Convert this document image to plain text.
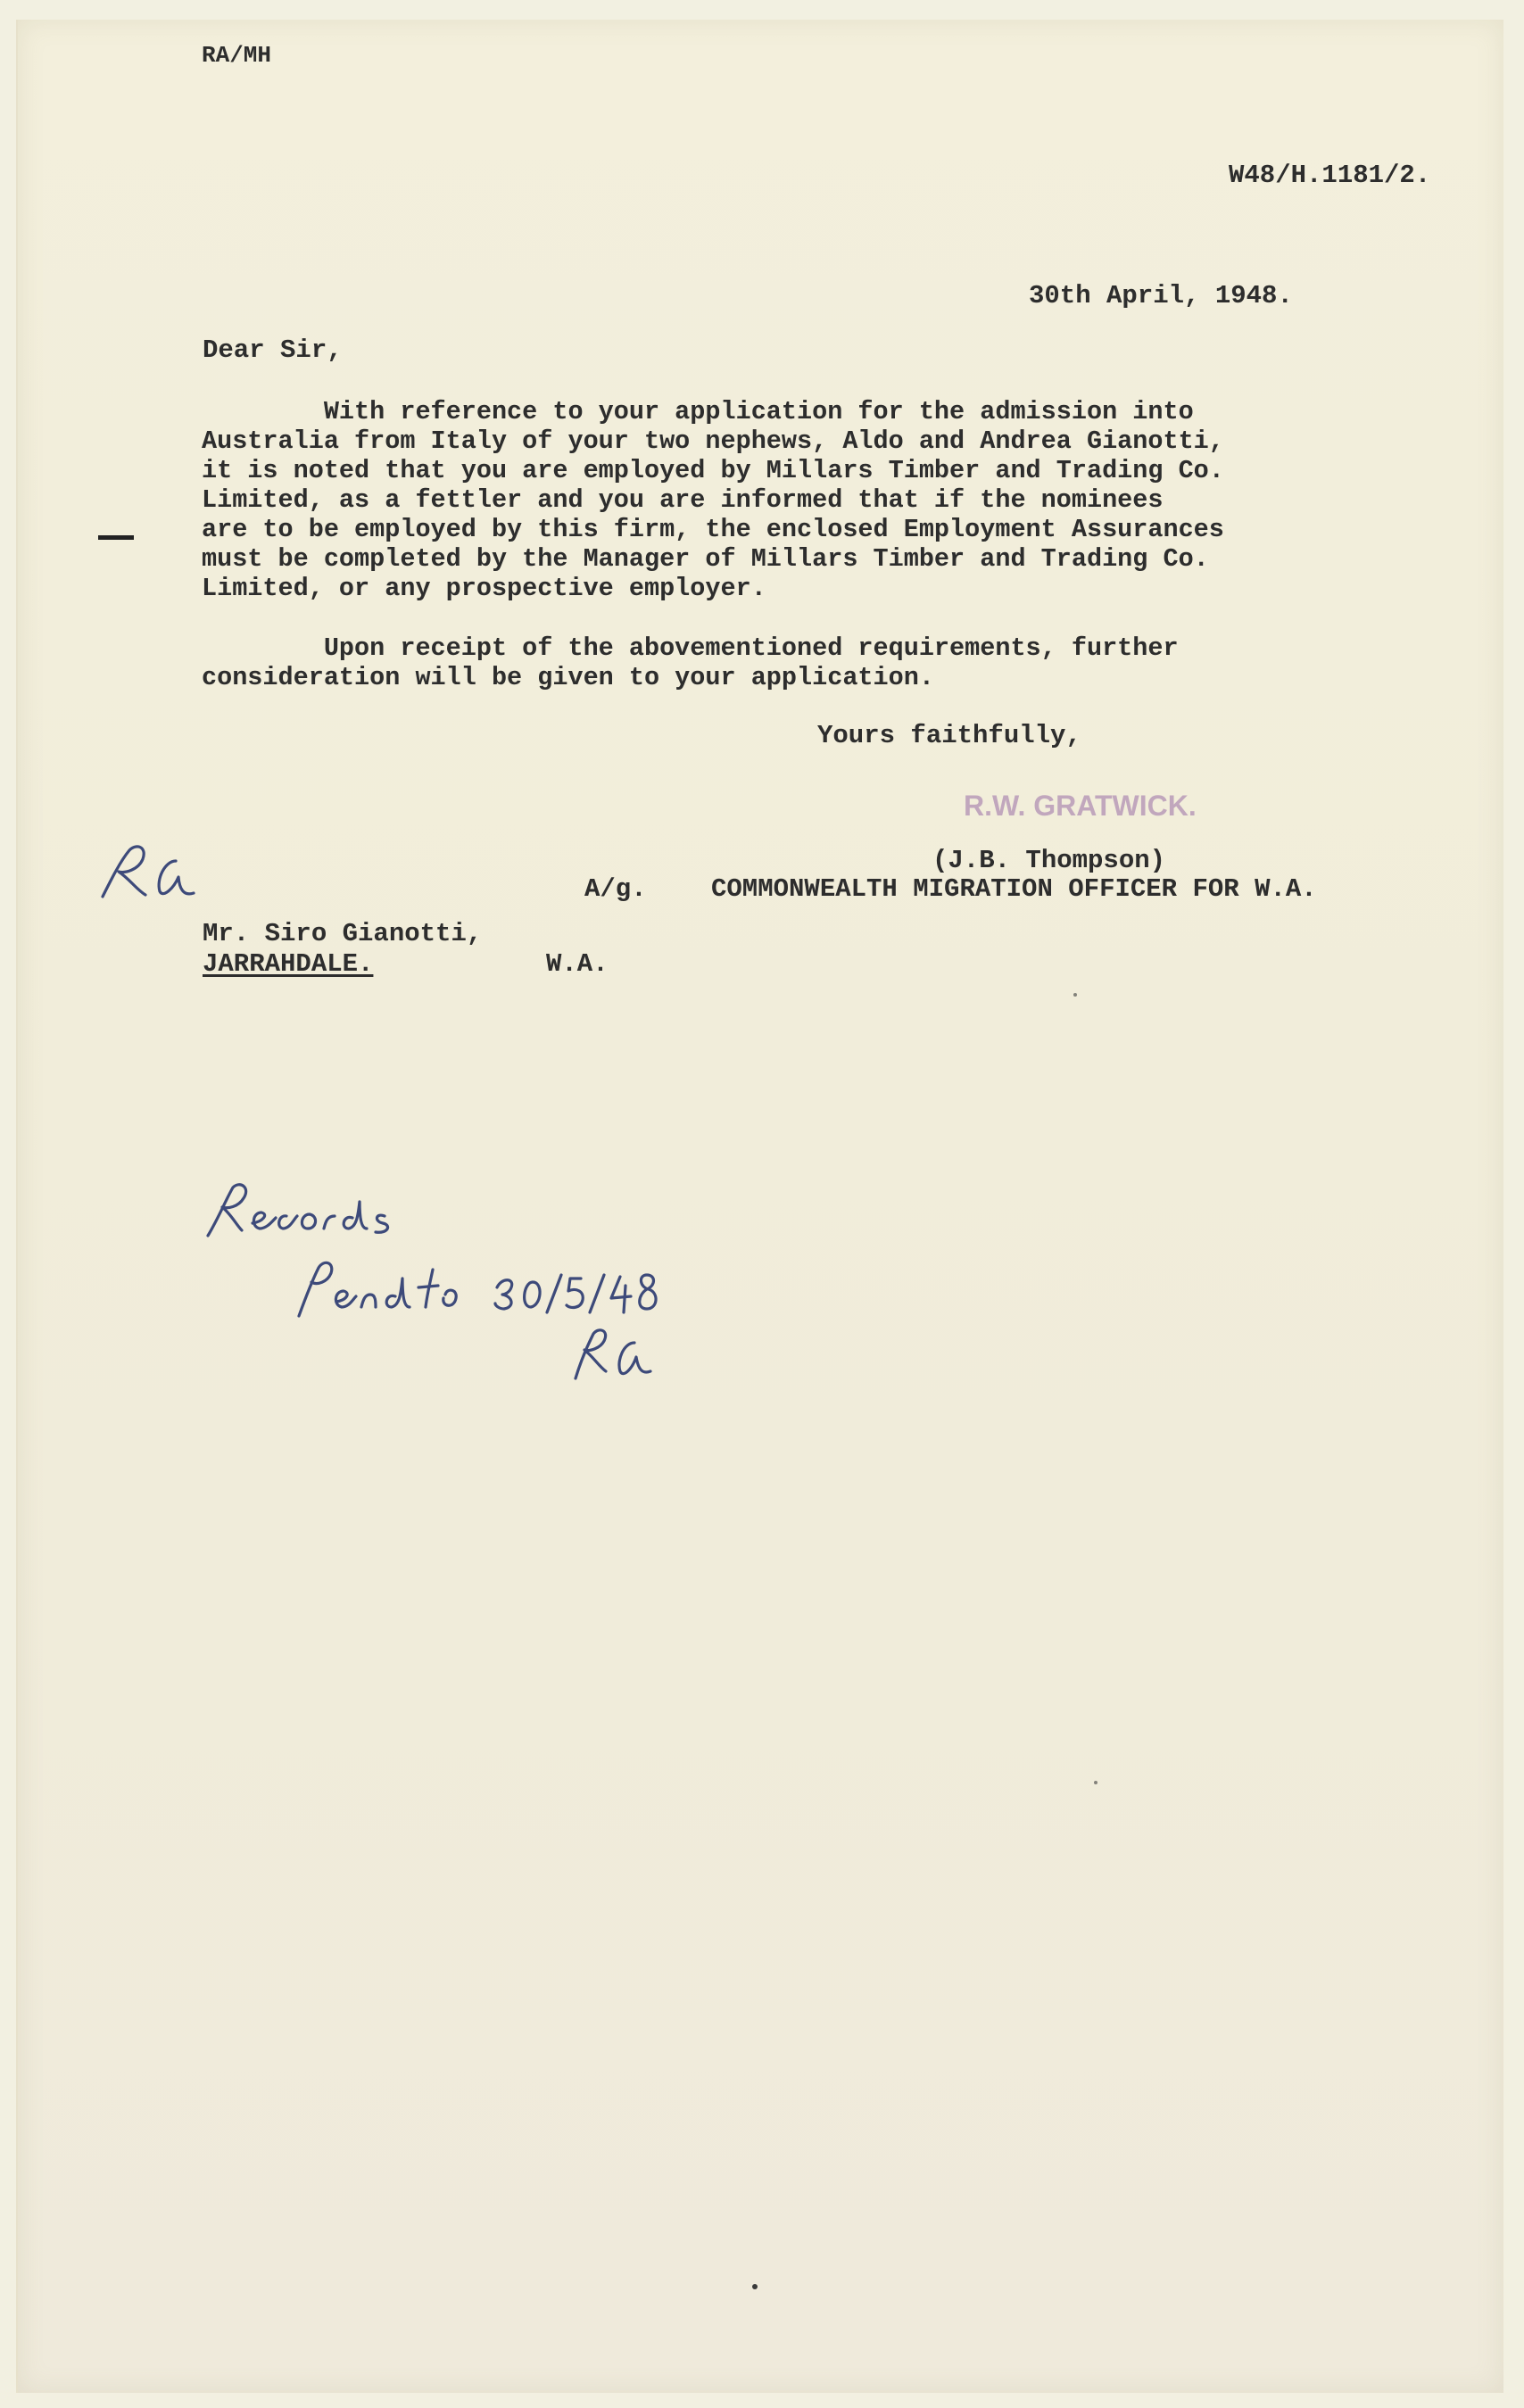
RA/MH

W48/H.1181/2.

30th April, 1948.

Dear Sir,

With reference to your application for the admission into
Australia from Italy of your two nephews, Aldo and Andrea Gianotti,
it is noted that you are employed by Millars Timber and Trading Co.
Limited, as a fettler and you are informed that if the nominees
are to be employed by this firm, the enclosed Employment Assurances
must be completed by the Manager of Millars Timber and Trading Co.
Limited, or any prospective employer.
Upon receipt of the abovementioned requirements, further
consideration will be given to your application.

Yours faithfully,

R.W. GRATWICK.

(J.B. Thompson)

A/g. COMMONWEALTH MIGRATION OFFICER FOR W.A.

Mr. Siro Gianotti,

JARRAHDALE.	W.A.
